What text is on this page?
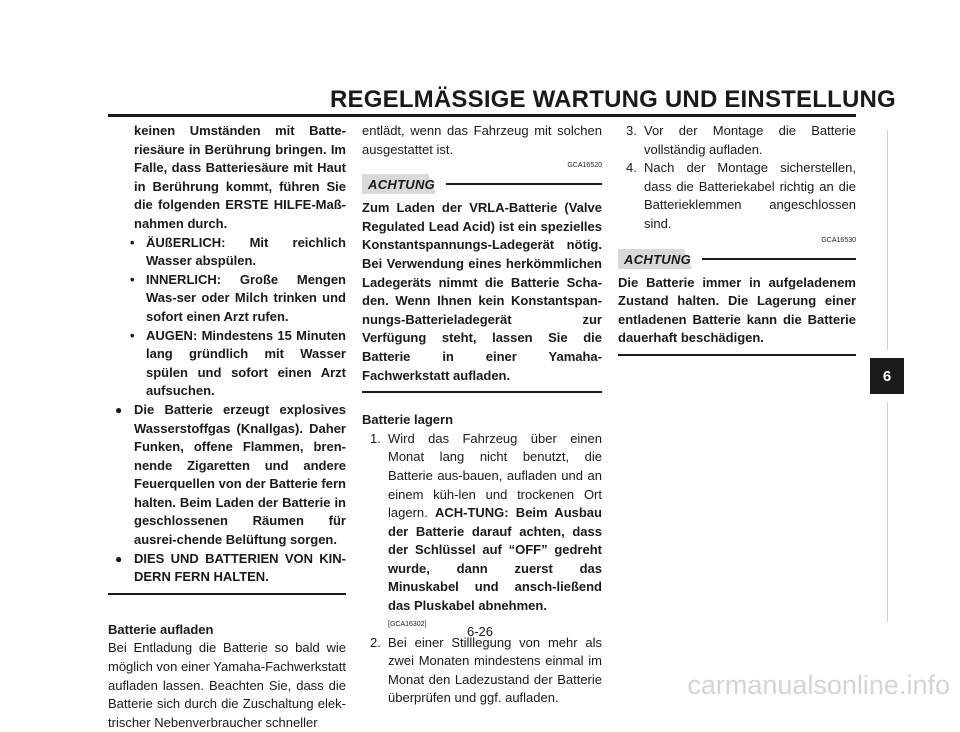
REGELMÄSSIGE WARTUNG UND EINSTELLUNG

keinen Umständen mit Batte-riesäure in Berührung bringen. Im Falle, dass Batteriesäure mit Haut in Berührung kommt, führen Sie die folgenden ERSTE HILFE-Maß-nahmen durch.

• ÄUßERLICH: Mit reichlich Wasser abspülen.
• INNERLICH: Große Mengen Was-ser oder Milch trinken und sofort einen Arzt rufen.
• AUGEN: Mindestens 15 Minuten lang gründlich mit Wasser spülen und sofort einen Arzt aufsuchen.
● Die Batterie erzeugt explosives Wasserstoffgas (Knallgas). Daher Funken, offene Flammen, bren-nende Zigaretten und andere Feuerquellen von der Batterie fern halten. Beim Laden der Batterie in geschlossenen Räumen für ausrei-chende Belüftung sorgen.
● DIES UND BATTERIEN VON KIN-DERN FERN HALTEN.

Batterie aufladen

Bei Entladung die Batterie so bald wie möglich von einer Yamaha-Fachwerkstatt aufladen lassen. Beachten Sie, dass die Batterie sich durch die Zuschaltung elek-trischer Nebenverbraucher schneller

entlädt, wenn das Fahrzeug mit solchen ausgestattet ist.

GCA16520

ACHTUNG

Zum Laden der VRLA-Batterie (Valve Regulated Lead Acid) ist ein spezielles Konstantspannungs-Ladegerät nötig. Bei Verwendung eines herkömmlichen Ladegeräts nimmt die Batterie Scha-den. Wenn Ihnen kein Konstantspan-nungs-Batterieladegerät zur Verfügung steht, lassen Sie die Batterie in einer Yamaha-Fachwerkstatt aufladen.

Batterie lagern

1. Wird das Fahrzeug über einen Monat lang nicht benutzt, die Batterie aus-bauen, aufladen und an einem küh-len und trockenen Ort lagern. ACH-TUNG: Beim Ausbau der Batterie darauf achten, dass der Schlüssel auf “OFF” gedreht wurde, dann zuerst das Minuskabel und ansch-ließend das Pluskabel abnehmen.

[GCA16302]

2. Bei einer Stilllegung von mehr als zwei Monaten mindestens einmal im Monat den Ladezustand der Batterie überprüfen und ggf. aufladen.
3. Vor der Montage die Batterie vollständig aufladen.
4. Nach der Montage sicherstellen, dass die Batteriekabel richtig an die Batterieklemmen angeschlossen sind.

GCA16530

ACHTUNG

Die Batterie immer in aufgeladenem Zustand halten. Die Lagerung einer entladenen Batterie kann die Batterie dauerhaft beschädigen.

6-26
6
carmanualsonline.info
